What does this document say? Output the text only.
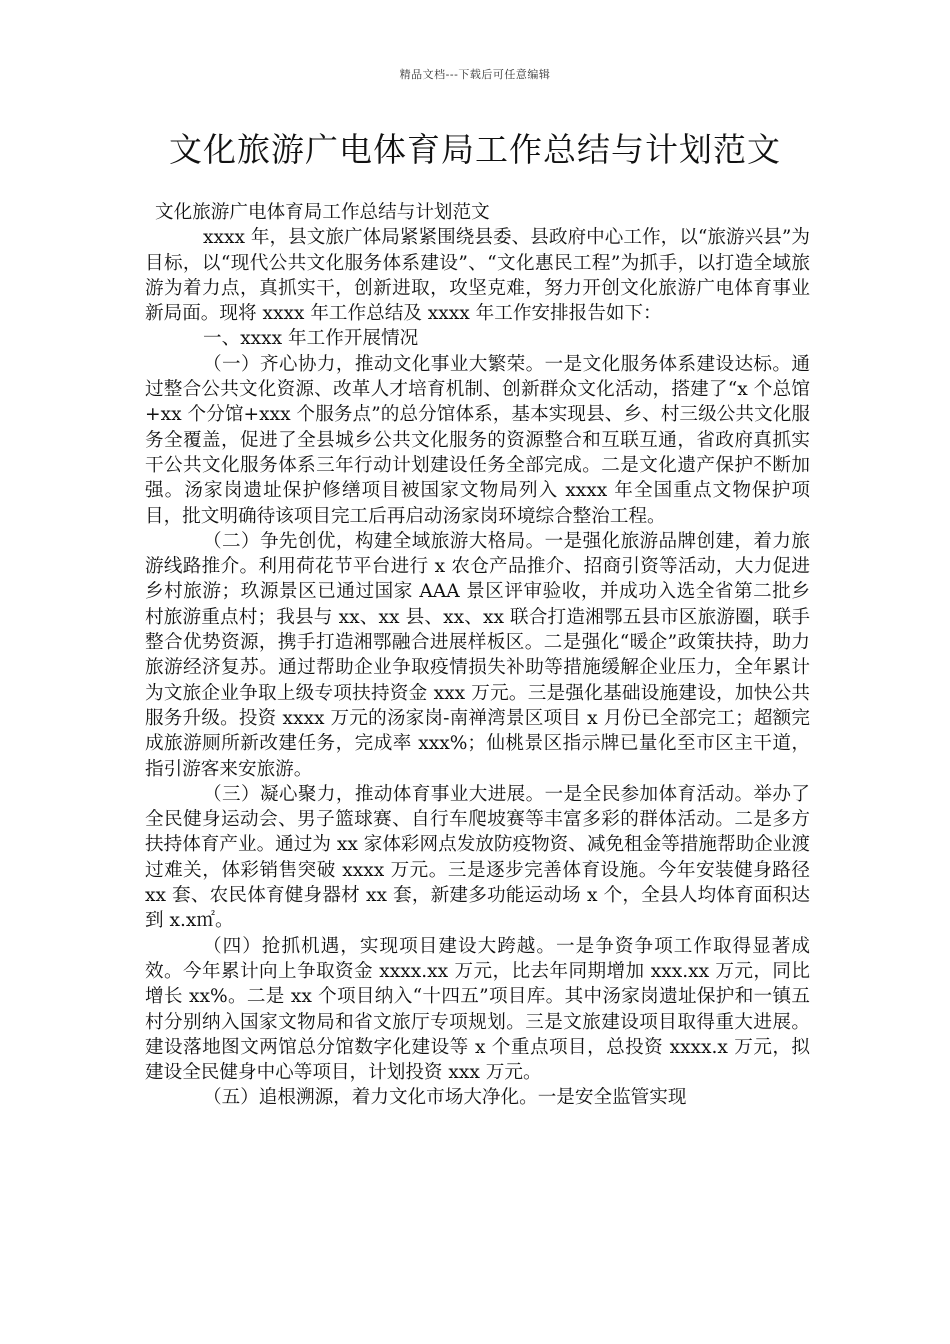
精品文档---下载后可任意编辑
文化旅游广电体育局工作总结与计划范文

文化旅游广电体育局工作总结与计划范文

xxxx 年，县文旅广体局紧紧围绕县委、县政府中心工作，以“旅游兴县”为目标，以“现代公共文化服务体系建设”、“文化惠民工程”为抓手，以打造全域旅游为着力点，真抓实干，创新进取，攻坚克难，努力开创文化旅游广电体育事业新局面。现将 xxxx 年工作总结及 xxxx 年工作安排报告如下：

一、xxxx 年工作开展情况

（一）齐心协力，推动文化事业大繁荣。一是文化服务体系建设达标。通过整合公共文化资源、改革人才培育机制、创新群众文化活动，搭建了“x 个总馆+xx 个分馆+xxx 个服务点”的总分馆体系，基本实现县、乡、村三级公共文化服务全覆盖，促进了全县城乡公共文化服务的资源整合和互联互通，省政府真抓实干公共文化服务体系三年行动计划建设任务全部完成。二是文化遗产保护不断加强。汤家岗遗址保护修缮项目被国家文物局列入 xxxx 年全国重点文物保护项目，批文明确待该项目完工后再启动汤家岗环境综合整治工程。

（二）争先创优，构建全域旅游大格局。一是强化旅游品牌创建，着力旅游线路推介。利用荷花节平台进行 x 农仓产品推介、招商引资等活动，大力促进乡村旅游；玖源景区已通过国家 AAA 景区评审验收，并成功入选全省第二批乡村旅游重点村；我县与 xx、xx 县、xx、xx 联合打造湘鄂五县市区旅游圈，联手整合优势资源，携手打造湘鄂融合进展样板区。二是强化“暖企”政策扶持，助力旅游经济复苏。通过帮助企业争取疫情损失补助等措施缓解企业压力，全年累计为文旅企业争取上级专项扶持资金 xxx 万元。三是强化基础设施建设，加快公共服务升级。投资 xxxx 万元的汤家岗-南禅湾景区项目 x 月份已全部完工；超额完成旅游厕所新改建任务，完成率 xxx%；仙桃景区指示牌已量化至市区主干道，指引游客来安旅游。

（三）凝心聚力，推动体育事业大进展。一是全民参加体育活动。举办了全民健身运动会、男子篮球赛、自行车爬坡赛等丰富多彩的群体活动。二是多方扶持体育产业。通过为 xx 家体彩网点发放防疫物资、减免租金等措施帮助企业渡过难关，体彩销售突破 xxxx 万元。三是逐步完善体育设施。今年安装健身路径 xx 套、农民体育健身器材 xx 套，新建多功能运动场 x 个，全县人均体育面积达到 x.x㎡。

（四）抢抓机遇，实现项目建设大跨越。一是争资争项工作取得显著成效。今年累计向上争取资金 xxxx.xx 万元，比去年同期增加 xxx.xx 万元，同比增长 xx%。二是 xx 个项目纳入“十四五”项目库。其中汤家岗遗址保护和一镇五村分别纳入国家文物局和省文旅厅专项规划。三是文旅建设项目取得重大进展。建设落地图文两馆总分馆数字化建设等 x 个重点项目，总投资 xxxx.x 万元，拟建设全民健身中心等项目，计划投资 xxx 万元。

（五）追根溯源，着力文化市场大净化。一是安全监管实现
